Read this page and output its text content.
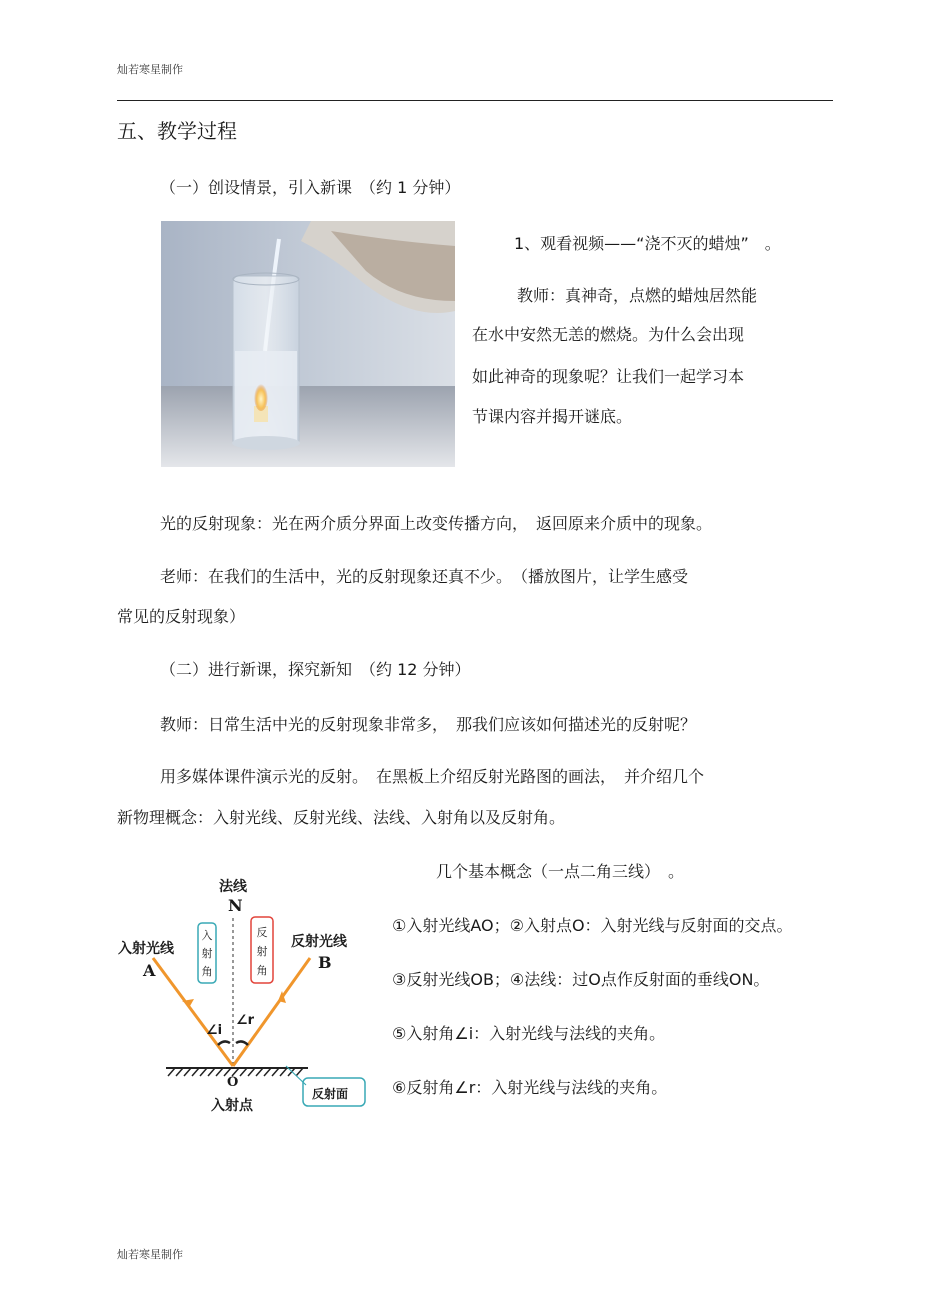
灿若寒星制作
五、教学过程
（一）创设情景，引入新课　（约 1 分钟）
1、观看视频——“浇不灭的蜡烛”　。
教师：真神奇，点燃的蜡烛居然能
在水中安然无恙的燃烧。为什么会出现
如此神奇的现象呢？让我们一起学习本
节课内容并揭开谜底。
光的反射现象：光在两介质分界面上改变传播方向，　返回原来介质中的现象。
老师：在我们的生活中，光的反射现象还真不少。　（播放图片，让学生感受
常见的反射现象）
（二）进行新课，探究新知　（约 12 分钟）
教师：日常生活中光的反射现象非常多，　那我们应该如何描述光的反射呢？
用多媒体课件演示光的反射。　在黑板上介绍反射光路图的画法，　并介绍几个
新物理概念：入射光线、反射光线、法线、入射角以及反射角。
法线
N
入射光线
A
反射光线
B
入
射
角
反
射
角
∠i
∠r
O
入射点
反射面
几个基本概念（一点二角三线）　。
①入射光线AO；②入射点O：入射光线与反射面的交点。
③反射光线OB；④法线：过O点作反射面的垂线ON。
⑤入射角∠i：入射光线与法线的夹角。
⑥反射角∠r：入射光线与法线的夹角。
灿若寒星制作
